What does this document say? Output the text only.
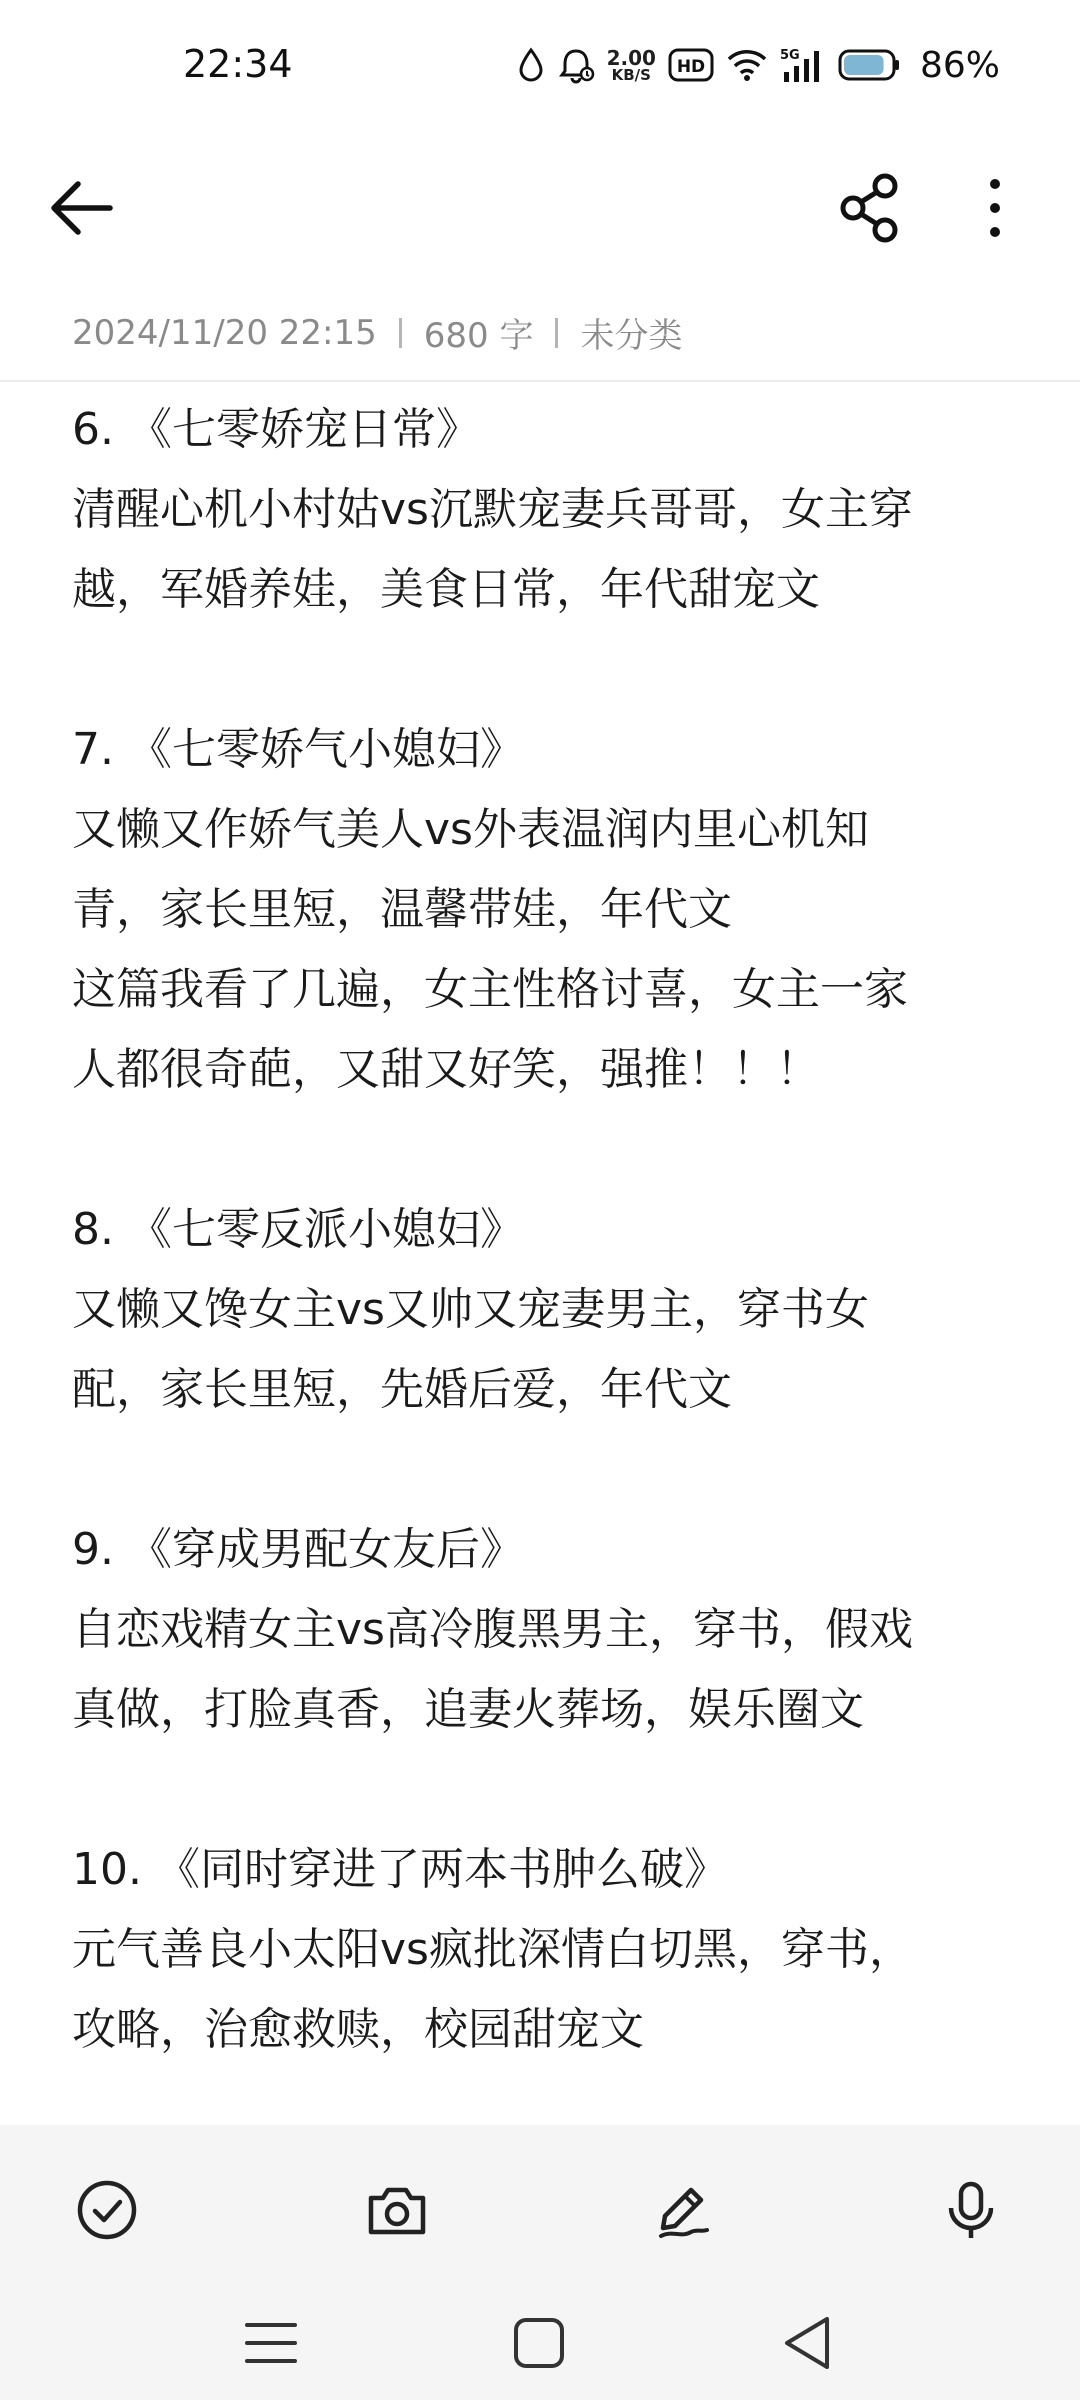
22:34	2.00
KB/S HD
5G	86%
2024/11/20 22:15 680 字 未分类
6. 《七零娇宠日常》
清醒心机小村姑vs沉默宠妻兵哥哥，女主穿
越，军婚养娃，美食日常，年代甜宠文
7. 《七零娇气小媳妇》
又懒又作娇气美人vs外表温润内里心机知
青，家长里短，温馨带娃，年代文
这篇我看了几遍，女主性格讨喜，女主一家
人都很奇葩，又甜又好笑，强推！！！
8. 《七零反派小媳妇》
又懒又馋女主vs又帅又宠妻男主，穿书女
配，家长里短，先婚后爱，年代文
9. 《穿成男配女友后》
自恋戏精女主vs高冷腹黑男主，穿书，假戏
真做，打脸真香，追妻火葬场，娱乐圈文
10. 《同时穿进了两本书肿么破》
元气善良小太阳vs疯批深情白切黑，穿书，
攻略，治愈救赎，校园甜宠文
